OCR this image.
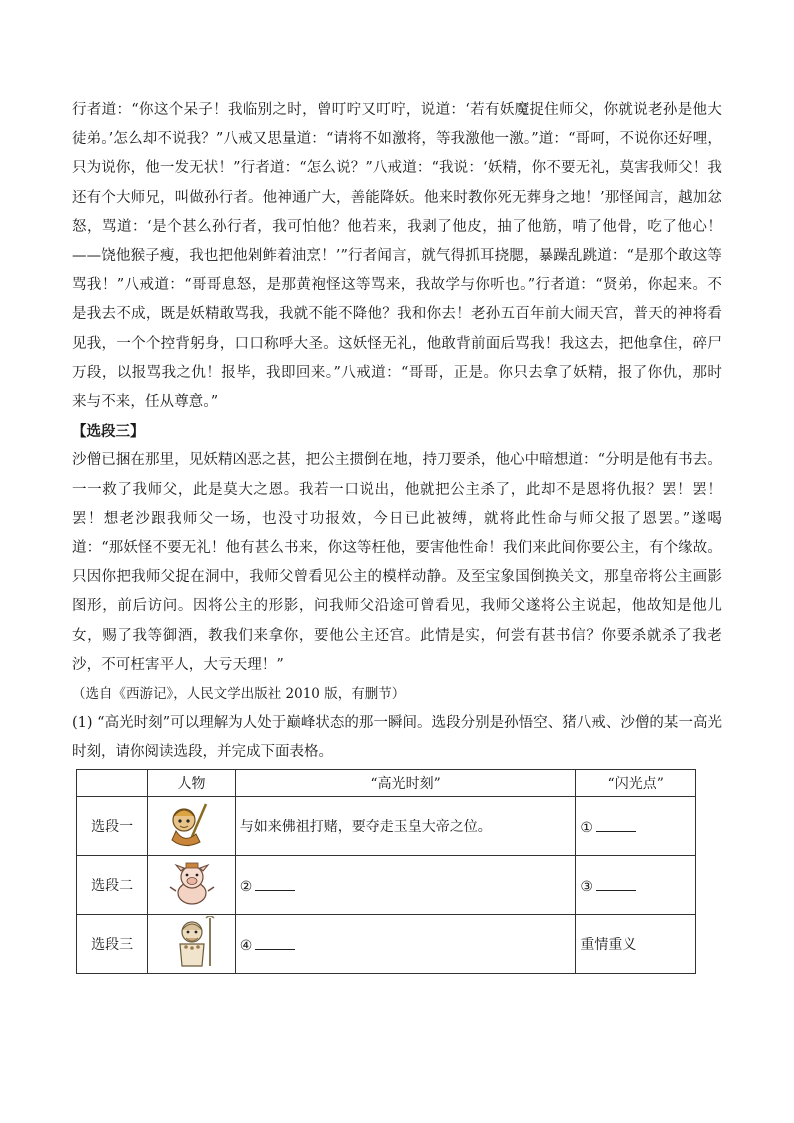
行者道：“你这个呆子！我临别之时，曾叮咛又叮咛，说道：‘若有妖魔捉住师父，你就说老孙是他大徒弟。’怎么却不说我？”八戒又思量道：“请将不如激将，等我激他一激。”道：“哥呵，不说你还好哩，只为说你，他一发无状！”行者道：“怎么说？”八戒道：“我说：‘妖精，你不要无礼，莫害我师父！我还有个大师兄，叫做孙行者。他神通广大，善能降妖。他来时教你死无葬身之地！’那怪闻言，越加忿怒，骂道：‘是个甚么孙行者，我可怕他？他若来，我剥了他皮，抽了他筋，啃了他骨，吃了他心！——饶他猴子瘦，我也把他剁鲊着油烹！’”行者闻言，就气得抓耳挠腮，暴躁乱跳道：“是那个敢这等骂我！”八戒道：“哥哥息怒，是那黄袍怪这等骂来，我故学与你听也。”行者道：“贤弟，你起来。不是我去不成，既是妖精敢骂我，我就不能不降他？我和你去！老孙五百年前大闹天宫，普天的神将看见我，一个个控背躬身，口口称呼大圣。这妖怪无礼，他敢背前面后骂我！我这去，把他拿住，碎尸万段，以报骂我之仇！报毕，我即回来。”八戒道：“哥哥，正是。你只去拿了妖精，报了你仇，那时来与不来，任从尊意。”

【选段三】

沙僧已捆在那里，见妖精凶恶之甚，把公主掼倒在地，持刀要杀，他心中暗想道：“分明是他有书去。一一救了我师父，此是莫大之恩。我若一口说出，他就把公主杀了，此却不是恩将仇报？罢！罢！罢！想老沙跟我师父一场，也没寸功报效，今日已此被缚，就将此性命与师父报了恩罢。”遂喝道：“那妖怪不要无礼！他有甚么书来，你这等枉他，要害他性命！我们来此间你要公主，有个缘故。只因你把我师父捉在洞中，我师父曾看见公主的模样动静。及至宝象国倒换关文，那皇帝将公主画影图形，前后访问。因将公主的形影，问我师父沿途可曾看见，我师父遂将公主说起，他故知是他儿女，赐了我等御酒，教我们来拿你，要他公主还宫。此情是实，何尝有甚书信？你要杀就杀了我老沙，不可枉害平人，大亏天理！”

（选自《西游记》，人民文学出版社 2010 版，有删节）

(1) “高光时刻”可以理解为人处于巅峰状态的那一瞬间。选段分别是孙悟空、猪八戒、沙僧的某一高光时刻，请你阅读选段，并完成下面表格。

	人物	“高光时刻”	“闪光点”
选段一		与如来佛祖打赌，要夺走玉皇大帝之位。	①
选段二		②	③
选段三		④	重情重义
